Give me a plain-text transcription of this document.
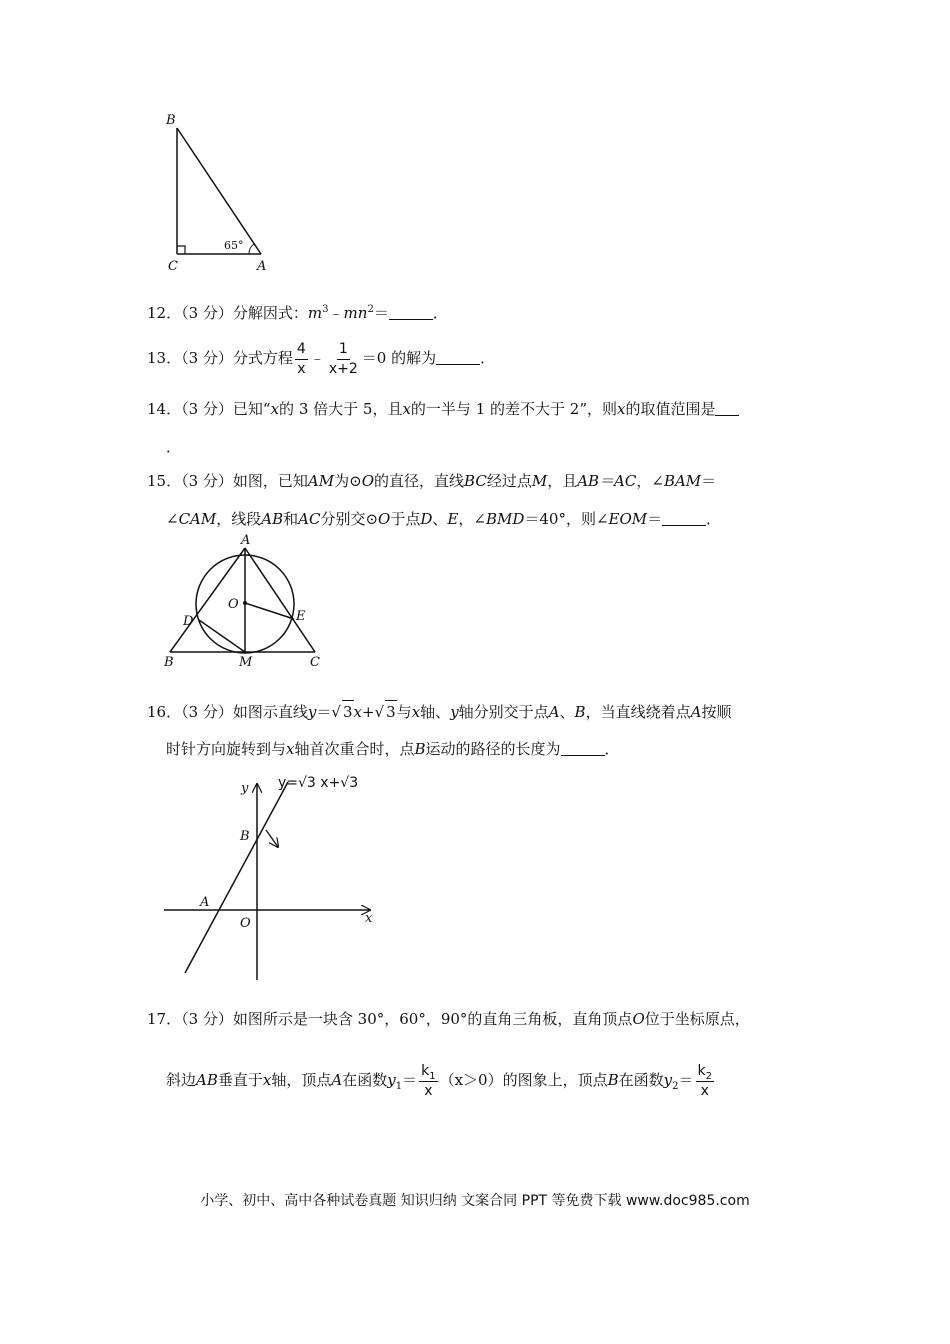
B
C	A
65°
12．（3 分）分解因式：$m^3﹣mn^2=$	．
13．（3 分）分式方程 $\frac{4}{x}$ ﹣ $\frac{1}{x+2} =0$ 的解为	．
14．（3 分）已知“x的 3 倍大于 5，且x的一半与 1 的差不大于 2”，则x的取值范围是
．
15．（3 分）如图，已知AM为⊙O的直径，直线BC经过点M，且AB＝AC，∠BAM＝
∠CAM，线段AB和AC分别交⊙O于点D、E，∠BMD＝40°，则∠EOM＝	．
A
O
D	E
B	M	C
16．（3 分）如图示直线y＝√ 3x+√ 3与x轴、y轴分别交于点A、B，当直线绕着点A按顺
时针方向旋转到与x轴首次重合时，点B运动的路径的长度为	．
y=√3 x+√3
y
B
A
O	x
17．（3 分）如图所示是一块含 30°，60°，90°的直角三角板，直角顶点O位于坐标原点，
斜边AB垂直于x轴，顶点A在函数$y_1= \frac{k_1}{x} (x>0)$的图象上，顶点B在函数$y_2= \frac{k_2}{x}$
小学、初中、高中各种试卷真题 知识归纳 文案合同 PPT 等免费下载 www.doc985.com
